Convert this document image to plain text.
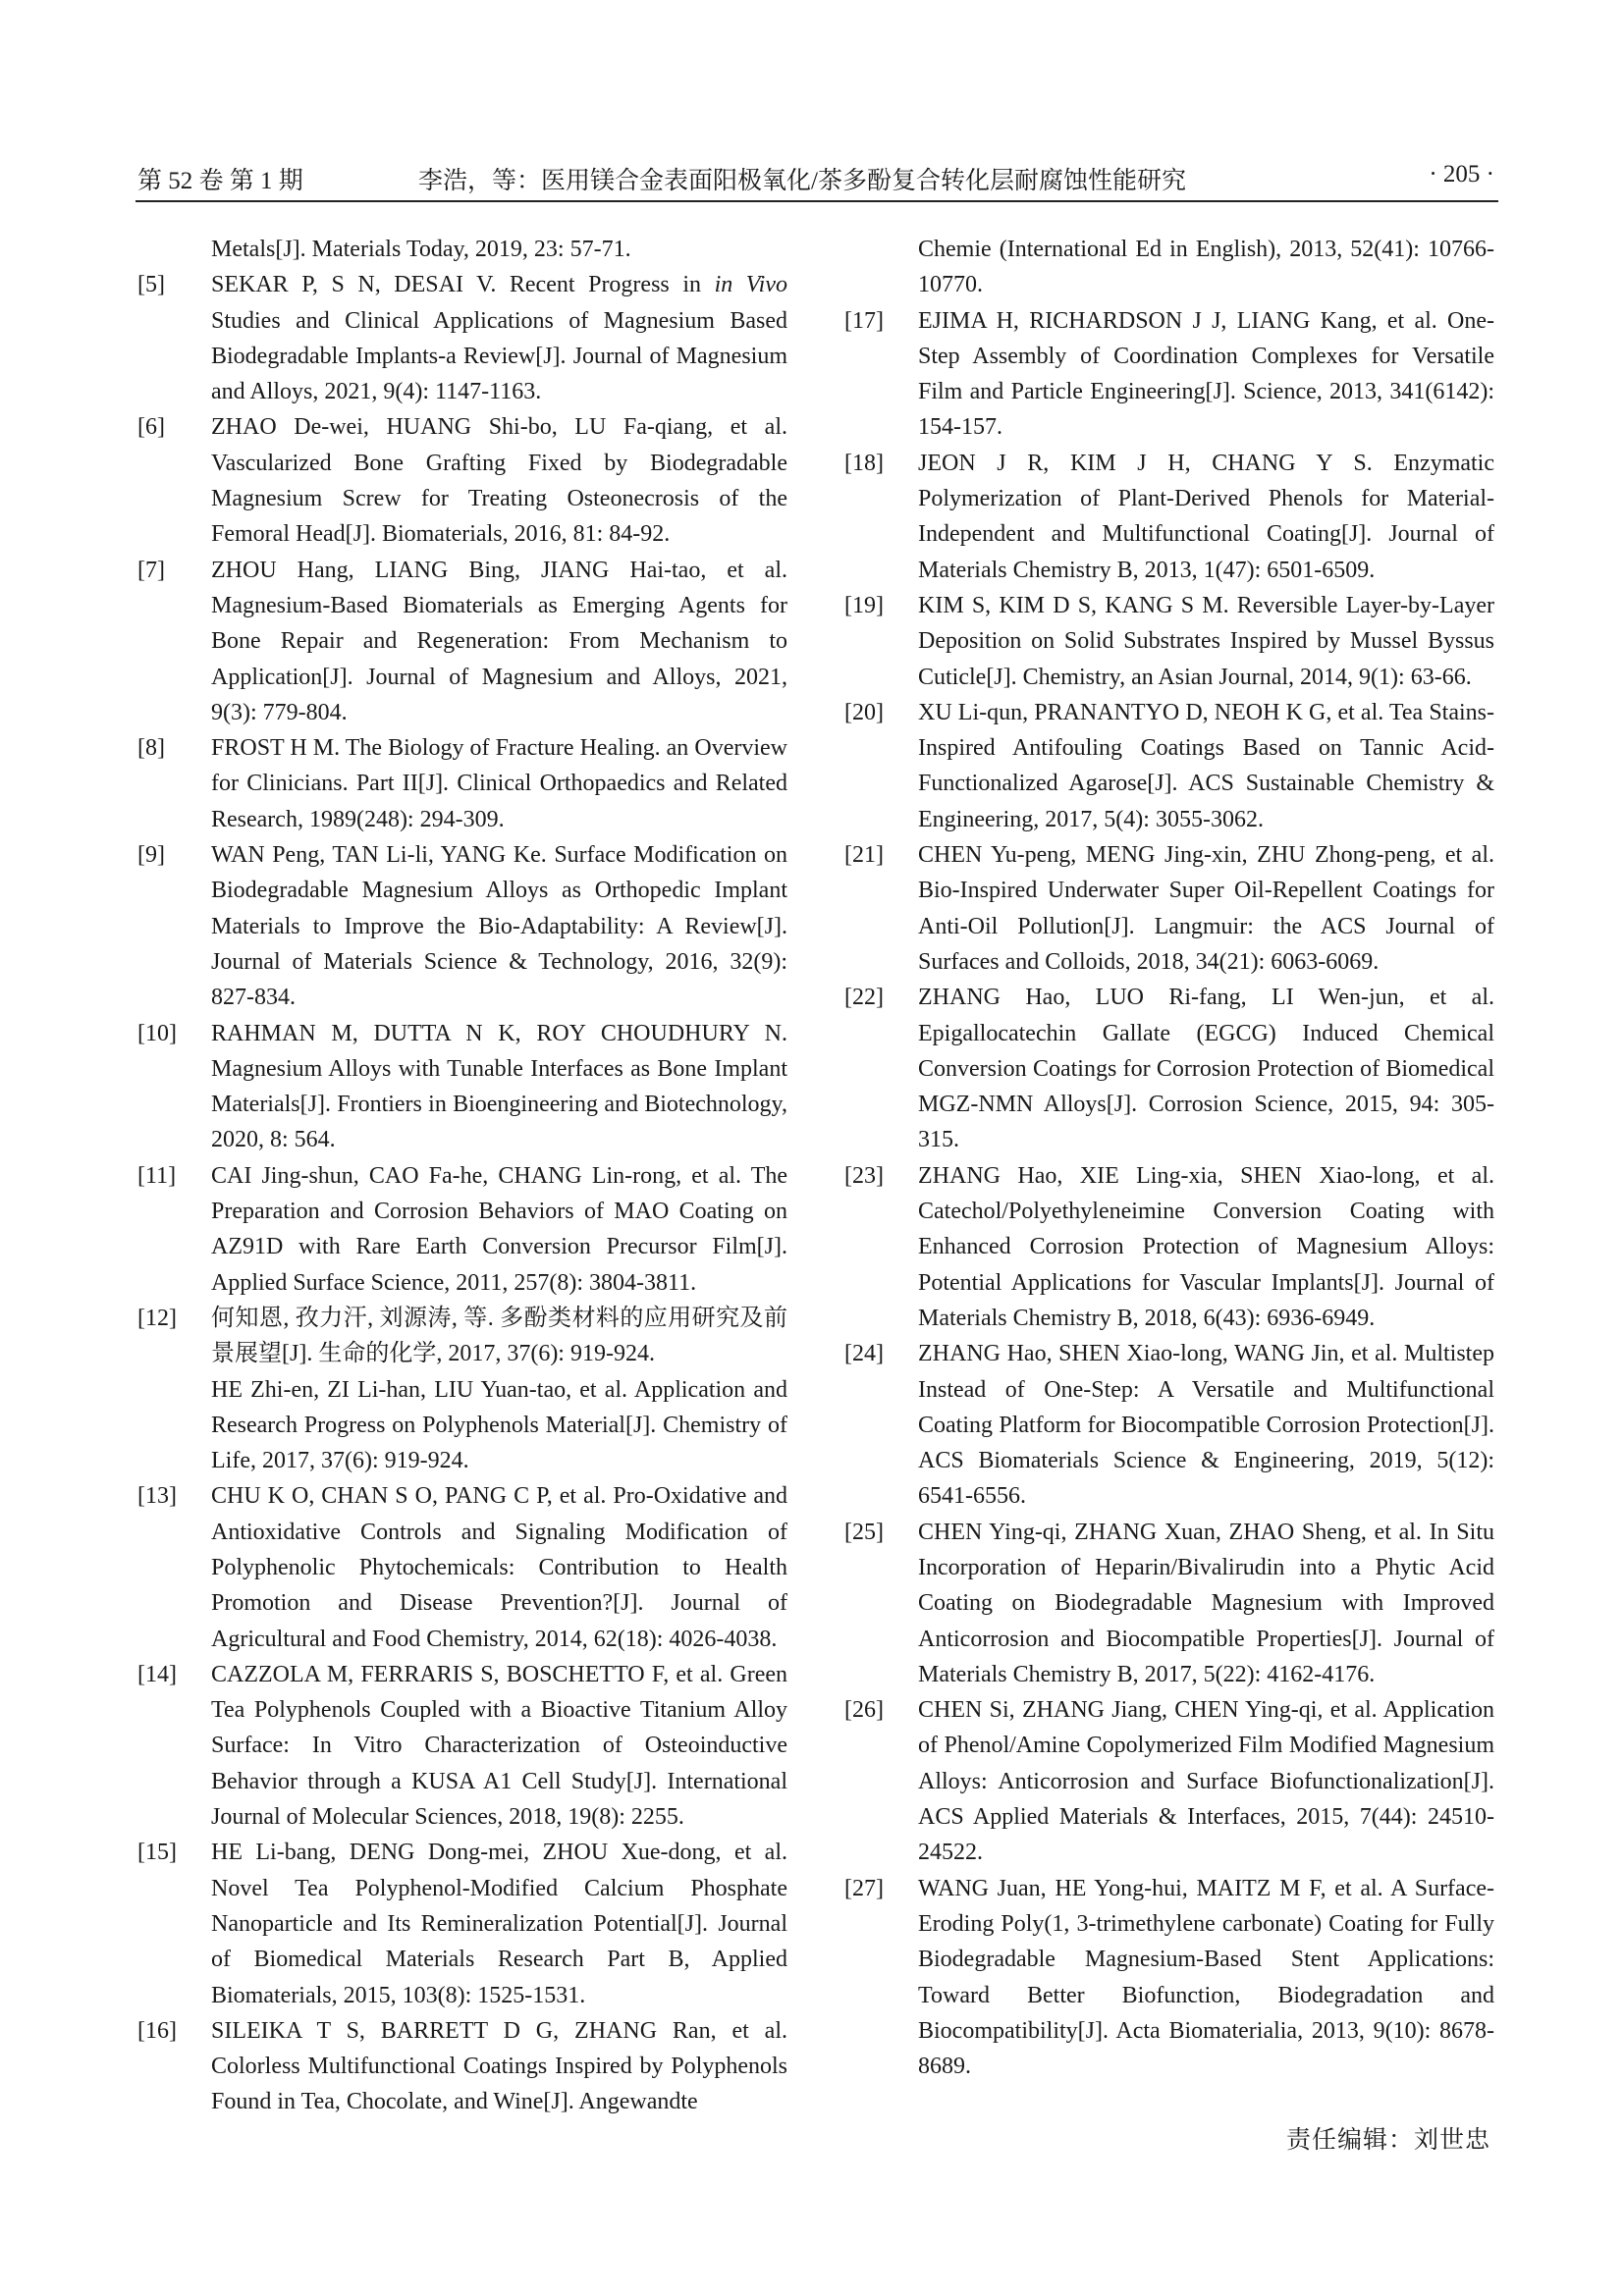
第 52 卷 第 1 期	李浩，等：医用镁合金表面阳极氧化/茶多酚复合转化层耐腐蚀性能研究	· 205 ·
Metals[J]. Materials Today, 2019, 23: 57-71.
[5]	SEKAR P, S N, DESAI V. Recent Progress in in Vivo Studies and Clinical Applications of Magnesium Based Biodegradable Implants-a Review[J]. Journal of Magnesium and Alloys, 2021, 9(4): 1147-1163.
[6]	ZHAO De-wei, HUANG Shi-bo, LU Fa-qiang, et al. Vascularized Bone Grafting Fixed by Biodegradable Magnesium Screw for Treating Osteonecrosis of the Femoral Head[J]. Biomaterials, 2016, 81: 84-92.
[7]	ZHOU Hang, LIANG Bing, JIANG Hai-tao, et al. Magnesium-Based Biomaterials as Emerging Agents for Bone Repair and Regeneration: From Mechanism to Application[J]. Journal of Magnesium and Alloys, 2021, 9(3): 779-804.
[8]	FROST H M. The Biology of Fracture Healing. an Overview for Clinicians. Part II[J]. Clinical Orthopaedics and Related Research, 1989(248): 294-309.
[9]	WAN Peng, TAN Li-li, YANG Ke. Surface Modification on Biodegradable Magnesium Alloys as Orthopedic Implant Materials to Improve the Bio-Adaptability: A Review[J]. Journal of Materials Science & Technology, 2016, 32(9): 827-834.
[10]	RAHMAN M, DUTTA N K, ROY CHOUDHURY N. Magnesium Alloys with Tunable Interfaces as Bone Implant Materials[J]. Frontiers in Bioengineering and Biotechnology, 2020, 8: 564.
[11]	CAI Jing-shun, CAO Fa-he, CHANG Lin-rong, et al. The Preparation and Corrosion Behaviors of MAO Coating on AZ91D with Rare Earth Conversion Precursor Film[J]. Applied Surface Science, 2011, 257(8): 3804-3811.
[12]	何知恩, 孜力汗, 刘源涛, 等. 多酚类材料的应用研究及前景展望[J]. 生命的化学, 2017, 37(6): 919-924.
HE Zhi-en, ZI Li-han, LIU Yuan-tao, et al. Application and Research Progress on Polyphenols Material[J]. Chemistry of Life, 2017, 37(6): 919-924.
[13]	CHU K O, CHAN S O, PANG C P, et al. Pro-Oxidative and Antioxidative Controls and Signaling Modification of Polyphenolic Phytochemicals: Contribution to Health Promotion and Disease Prevention?[J]. Journal of Agricultural and Food Chemistry, 2014, 62(18): 4026-4038.
[14]	CAZZOLA M, FERRARIS S, BOSCHETTO F, et al. Green Tea Polyphenols Coupled with a Bioactive Titanium Alloy Surface: In Vitro Characterization of Osteoinductive Behavior through a KUSA A1 Cell Study[J]. International Journal of Molecular Sciences, 2018, 19(8): 2255.
[15]	HE Li-bang, DENG Dong-mei, ZHOU Xue-dong, et al. Novel Tea Polyphenol-Modified Calcium Phosphate Nanoparticle and Its Remineralization Potential[J]. Journal of Biomedical Materials Research Part B, Applied Biomaterials, 2015, 103(8): 1525-1531.
[16]	SILEIKA T S, BARRETT D G, ZHANG Ran, et al. Colorless Multifunctional Coatings Inspired by Polyphenols Found in Tea, Chocolate, and Wine[J]. Angewandte
Chemie (International Ed in English), 2013, 52(41): 10766-10770.
[17]	EJIMA H, RICHARDSON J J, LIANG Kang, et al. One-Step Assembly of Coordination Complexes for Versatile Film and Particle Engineering[J]. Science, 2013, 341(6142): 154-157.
[18]	JEON J R, KIM J H, CHANG Y S. Enzymatic Polymerization of Plant-Derived Phenols for Material-Independent and Multifunctional Coating[J]. Journal of Materials Chemistry B, 2013, 1(47): 6501-6509.
[19]	KIM S, KIM D S, KANG S M. Reversible Layer-by-Layer Deposition on Solid Substrates Inspired by Mussel Byssus Cuticle[J]. Chemistry, an Asian Journal, 2014, 9(1): 63-66.
[20]	XU Li-qun, PRANANTYO D, NEOH K G, et al. Tea Stains-Inspired Antifouling Coatings Based on Tannic Acid-Functionalized Agarose[J]. ACS Sustainable Chemistry & Engineering, 2017, 5(4): 3055-3062.
[21]	CHEN Yu-peng, MENG Jing-xin, ZHU Zhong-peng, et al. Bio-Inspired Underwater Super Oil-Repellent Coatings for Anti-Oil Pollution[J]. Langmuir: the ACS Journal of Surfaces and Colloids, 2018, 34(21): 6063-6069.
[22]	ZHANG Hao, LUO Ri-fang, LI Wen-jun, et al. Epigallocatechin Gallate (EGCG) Induced Chemical Conversion Coatings for Corrosion Protection of Biomedical MGZ-NMN Alloys[J]. Corrosion Science, 2015, 94: 305-315.
[23]	ZHANG Hao, XIE Ling-xia, SHEN Xiao-long, et al. Catechol/Polyethyleneimine Conversion Coating with Enhanced Corrosion Protection of Magnesium Alloys: Potential Applications for Vascular Implants[J]. Journal of Materials Chemistry B, 2018, 6(43): 6936-6949.
[24]	ZHANG Hao, SHEN Xiao-long, WANG Jin, et al. Multistep Instead of One-Step: A Versatile and Multifunctional Coating Platform for Biocompatible Corrosion Protection[J]. ACS Biomaterials Science & Engineering, 2019, 5(12): 6541-6556.
[25]	CHEN Ying-qi, ZHANG Xuan, ZHAO Sheng, et al. In Situ Incorporation of Heparin/Bivalirudin into a Phytic Acid Coating on Biodegradable Magnesium with Improved Anticorrosion and Biocompatible Properties[J]. Journal of Materials Chemistry B, 2017, 5(22): 4162-4176.
[26]	CHEN Si, ZHANG Jiang, CHEN Ying-qi, et al. Application of Phenol/Amine Copolymerized Film Modified Magnesium Alloys: Anticorrosion and Surface Biofunctionalization[J]. ACS Applied Materials & Interfaces, 2015, 7(44): 24510-24522.
[27]	WANG Juan, HE Yong-hui, MAITZ M F, et al. A Surface-Eroding Poly(1, 3-trimethylene carbonate) Coating for Fully Biodegradable Magnesium-Based Stent Applications: Toward Better Biofunction, Biodegradation and Biocompatibility[J]. Acta Biomaterialia, 2013, 9(10): 8678-8689.
责任编辑：刘世忠
